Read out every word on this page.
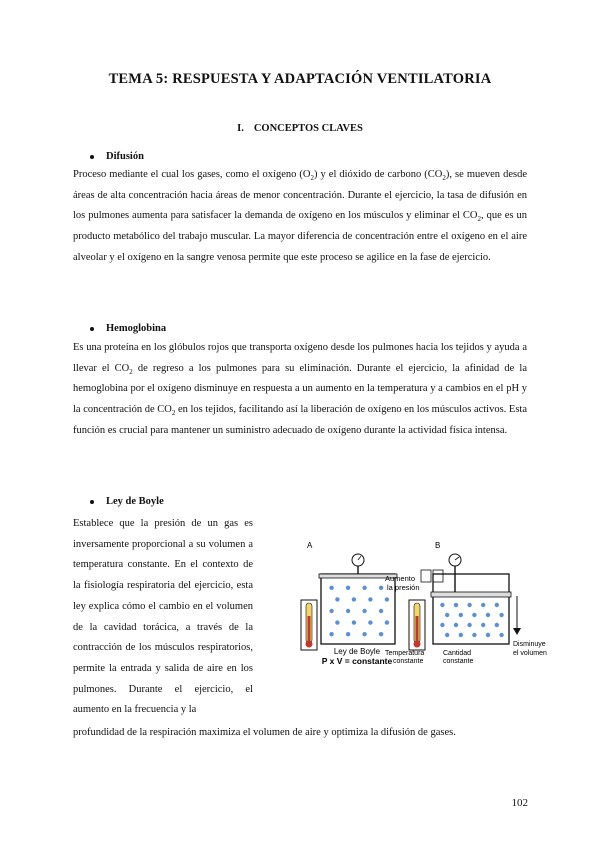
TEMA 5: RESPUESTA Y ADAPTACIÓN VENTILATORIA
I. CONCEPTOS CLAVES
Difusión
Proceso mediante el cual los gases, como el oxígeno $(O_2)$ y el dióxido de carbono $(CO_2)$, se mueven desde áreas de alta concentración hacia áreas de menor concentración. Durante el ejercicio, la tasa de difusión en los pulmones aumenta para satisfacer la demanda de oxígeno en los músculos y eliminar el $CO_2$, que es un producto metabólico del trabajo muscular. La mayor diferencia de concentración entre el oxígeno en el aire alveolar y el oxígeno en la sangre venosa permite que este proceso se agilice en la fase de ejercicio.
Hemoglobina
Es una proteína en los glóbulos rojos que transporta oxígeno desde los pulmones hacia los tejidos y ayuda a llevar el $CO_2$ de regreso a los pulmones para su eliminación. Durante el ejercicio, la afinidad de la hemoglobina por el oxígeno disminuye en respuesta a un aumento en la temperatura y a cambios en el pH y la concentración de $CO_2$ en los tejidos, facilitando así la liberación de oxígeno en los músculos activos. Esta función es crucial para mantener un suministro adecuado de oxígeno durante la actividad física intensa.
Ley de Boyle
Establece que la presión de un gas es inversamente proporcional a su volumen a temperatura constante. En el contexto de la fisiología respiratoria del ejercicio, esta ley explica cómo el cambio en el volumen de la cavidad torácica, a través de la contracción de los músculos respiratorios, permite la entrada y salida de aire en los pulmones. Durante el ejercicio, el aumento en la frecuencia y la
profundidad de la respiración maximiza el volumen de aire y optimiza la difusión de gases.
A
Ley de Boyle
P x V = constante
B
Aumento
la presión
Temperatura
constante
Cantidad
constante
Disminuye
el volumen
102
